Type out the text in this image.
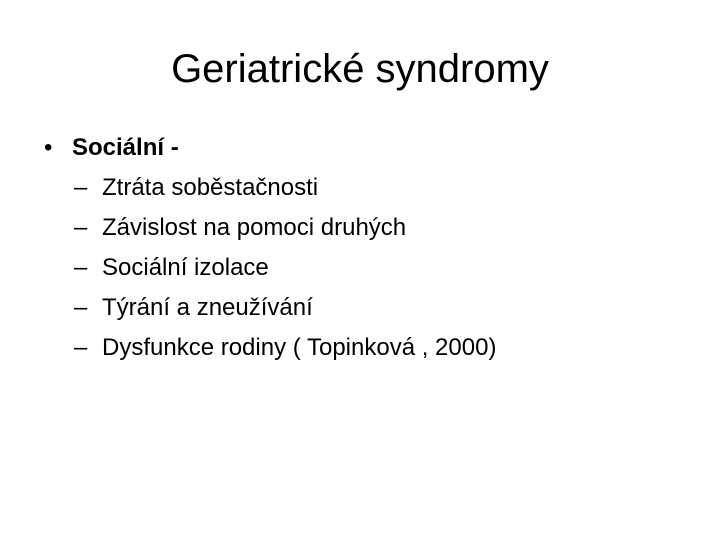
Geriatrické syndromy
• Sociální -
– Ztráta soběstačnosti
– Závislost na pomoci druhých
– Sociální izolace
– Týrání a zneužívání
– Dysfunkce rodiny ( Topinková , 2000)
